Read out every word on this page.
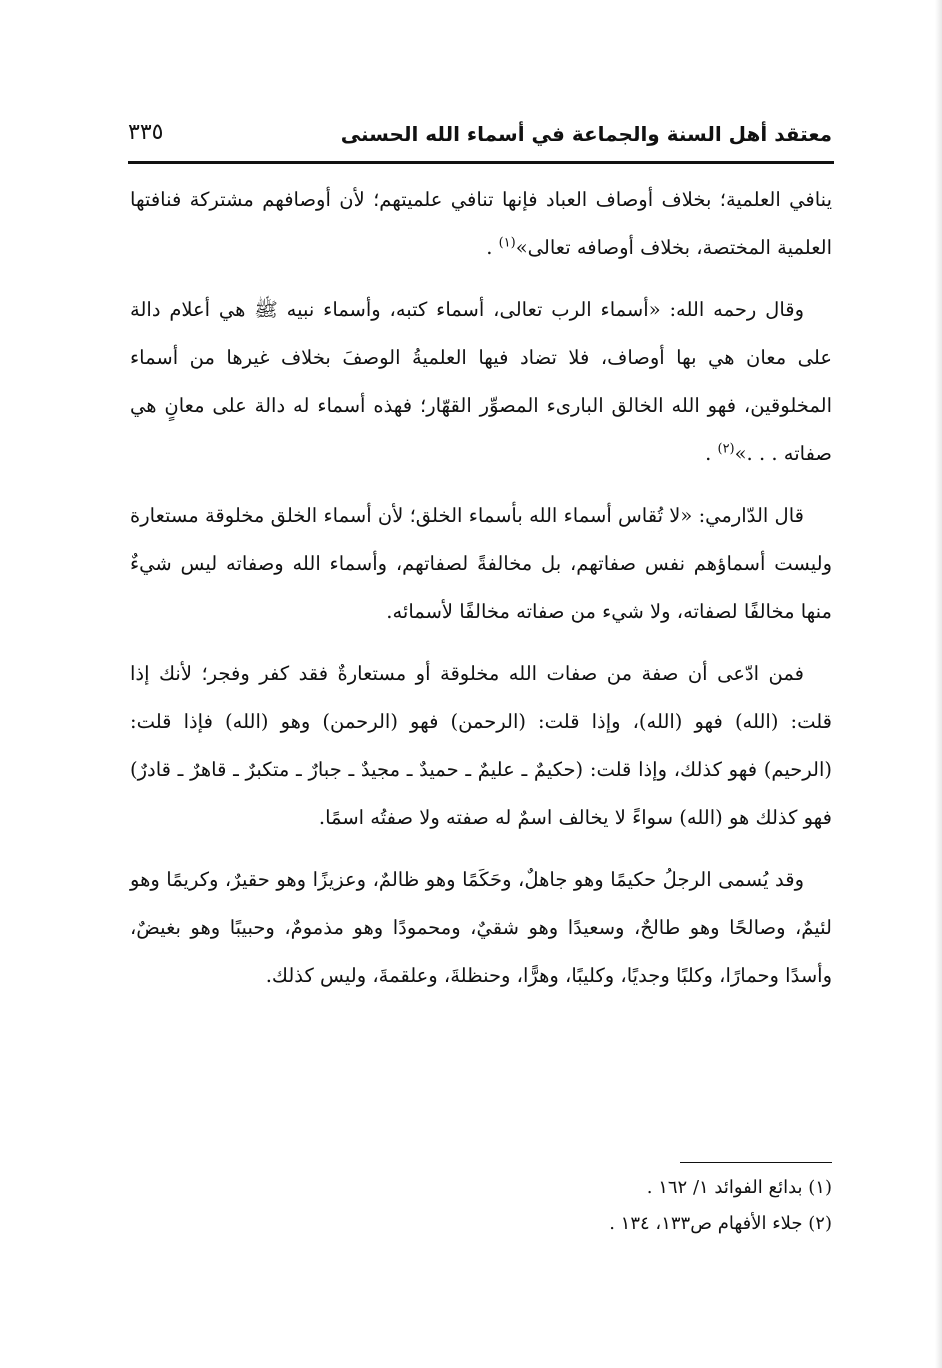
معتقد أهل السنة والجماعة في أسماء الله الحسنى
٣٣٥

ينافي العلمية؛ بخلاف أوصاف العباد فإنها تنافي علميتهم؛ لأن أوصافهم مشتركة فنافتها العلمية المختصة، بخلاف أوصافه تعالى»$^{(١)}$ .

وقال رحمه الله: «أسماء الرب تعالى، أسماء كتبه، وأسماء نبيه ﷺ هي أعلام دالة على معان هي بها أوصاف، فلا تضاد فيها العلميةُ الوصفَ بخلاف غيرها من أسماء المخلوقين، فهو الله الخالق البارىء المصوِّر القهّار؛ فهذه أسماء له دالة على معانٍ هي صفاته . . .»$^{(٢)}$ .

قال الدّارمي: «لا تُقاس أسماء الله بأسماء الخلق؛ لأن أسماء الخلق مخلوقة مستعارة وليست أسماؤهم نفس صفاتهم، بل مخالفةً لصفاتهم، وأسماء الله وصفاته ليس شيءٌ منها مخالفًا لصفاته، ولا شيء من صفاته مخالفًا لأسمائه.

فمن ادّعى أن صفة من صفات الله مخلوقة أو مستعارةٌ فقد كفر وفجر؛ لأنك إذا قلت: (الله) فهو (الله)، وإذا قلت: (الرحمن) فهو (الرحمن) وهو (الله) فإذا قلت: (الرحيم) فهو كذلك، وإذا قلت: (حكيمٌ ـ عليمٌ ـ حميدٌ ـ مجيدٌ ـ جبارٌ ـ متكبرٌ ـ قاهرٌ ـ قادرٌ) فهو كذلك هو (الله) سواءً لا يخالف اسمٌ له صفته ولا صفتُه اسمًا.

وقد يُسمى الرجلُ حكيمًا وهو جاهلٌ، وحَكَمًا وهو ظالمٌ، وعزيزًا وهو حقيرٌ، وكريمًا وهو لئيمٌ، وصالحًا وهو طالحٌ، وسعيدًا وهو شقيٌ، ومحمودًا وهو مذمومٌ، وحبيبًا وهو بغيضٌ، وأسدًا وحمارًا، وكلبًا وجديًا، وكليبًا، وهرًّا، وحنظلةَ، وعلقمةَ، وليس كذلك.

(١) بدائع الفوائد ١/ ١٦٢ .

(٢) جلاء الأفهام ص١٣٣، ١٣٤ .
